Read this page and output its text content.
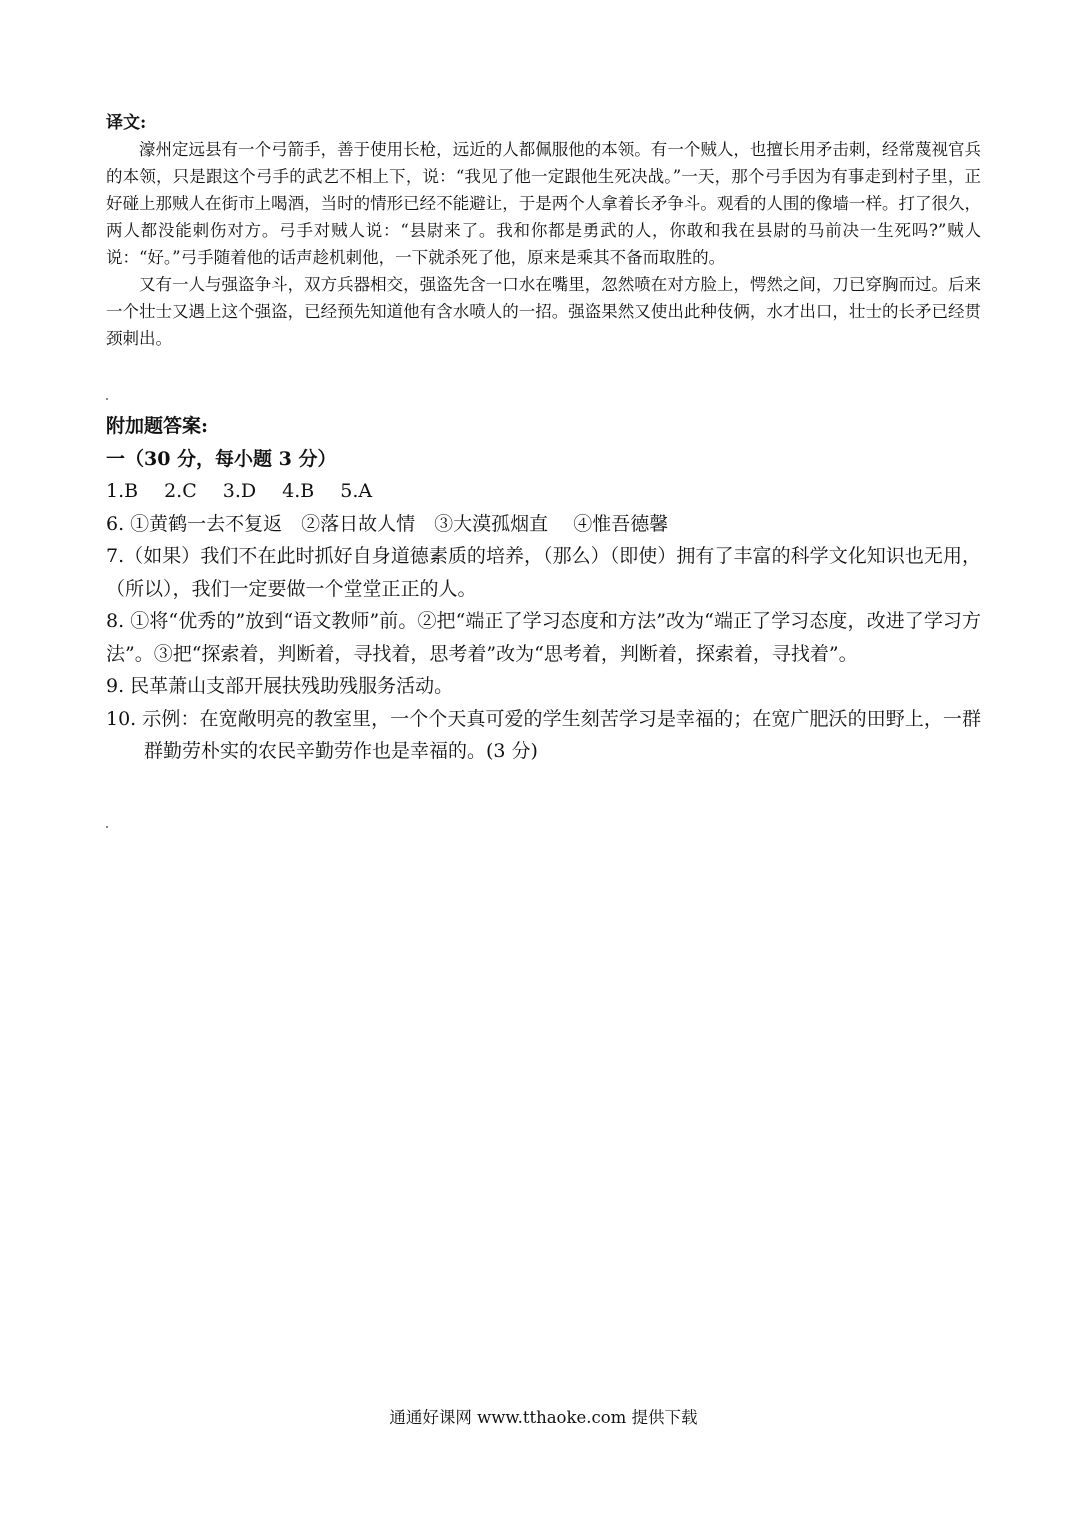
译文:

濠州定远县有一个弓箭手，善于使用长枪，远近的人都佩服他的本领。有一个贼人，也擅长用矛击刺，经常蔑视官兵的本领，只是跟这个弓手的武艺不相上下，说：“我见了他一定跟他生死决战。”一天，那个弓手因为有事走到村子里，正好碰上那贼人在街市上喝酒，当时的情形已经不能避让，于是两个人拿着长矛争斗。观看的人围的像墙一样。打了很久，两人都没能刺伤对方。弓手对贼人说：“县尉来了。我和你都是勇武的人，你敢和我在县尉的马前决一生死吗?”贼人说：“好。”弓手随着他的话声趁机刺他，一下就杀死了他，原来是乘其不备而取胜的。

又有一人与强盗争斗，双方兵器相交，强盗先含一口水在嘴里，忽然喷在对方脸上，愕然之间，刀已穿胸而过。后来一个壮士又遇上这个强盗，已经预先知道他有含水喷人的一招。强盗果然又使出此种伎俩，水才出口，壮士的长矛已经贯颈刺出。

附加题答案:
一（30 分，每小题 3 分）
1.B 2.C 3.D 4.B 5.A
6. ①黄鹤一去不复返　②落日故人情　③大漠孤烟直　 ④惟吾德馨
7.（如果）我们不在此时抓好自身道德素质的培养，（那么）（即使）拥有了丰富的科学文化知识也无用，（所以），我们一定要做一个堂堂正正的人。
8. ①将“优秀的”放到“语文教师”前。②把“端正了学习态度和方法”改为“端正了学习态度，改进了学习方法”。③把“探索着，判断着，寻找着，思考着”改为“思考着，判断着，探索着，寻找着”。
9. 民革萧山支部开展扶残助残服务活动。
10. 示例：在宽敞明亮的教室里，一个个天真可爱的学生刻苦学习是幸福的；在宽广肥沃的田野上，一群群勤劳朴实的农民辛勤劳作也是幸福的。(3 分)
通通好课网 www.tthaoke.com 提供下载
